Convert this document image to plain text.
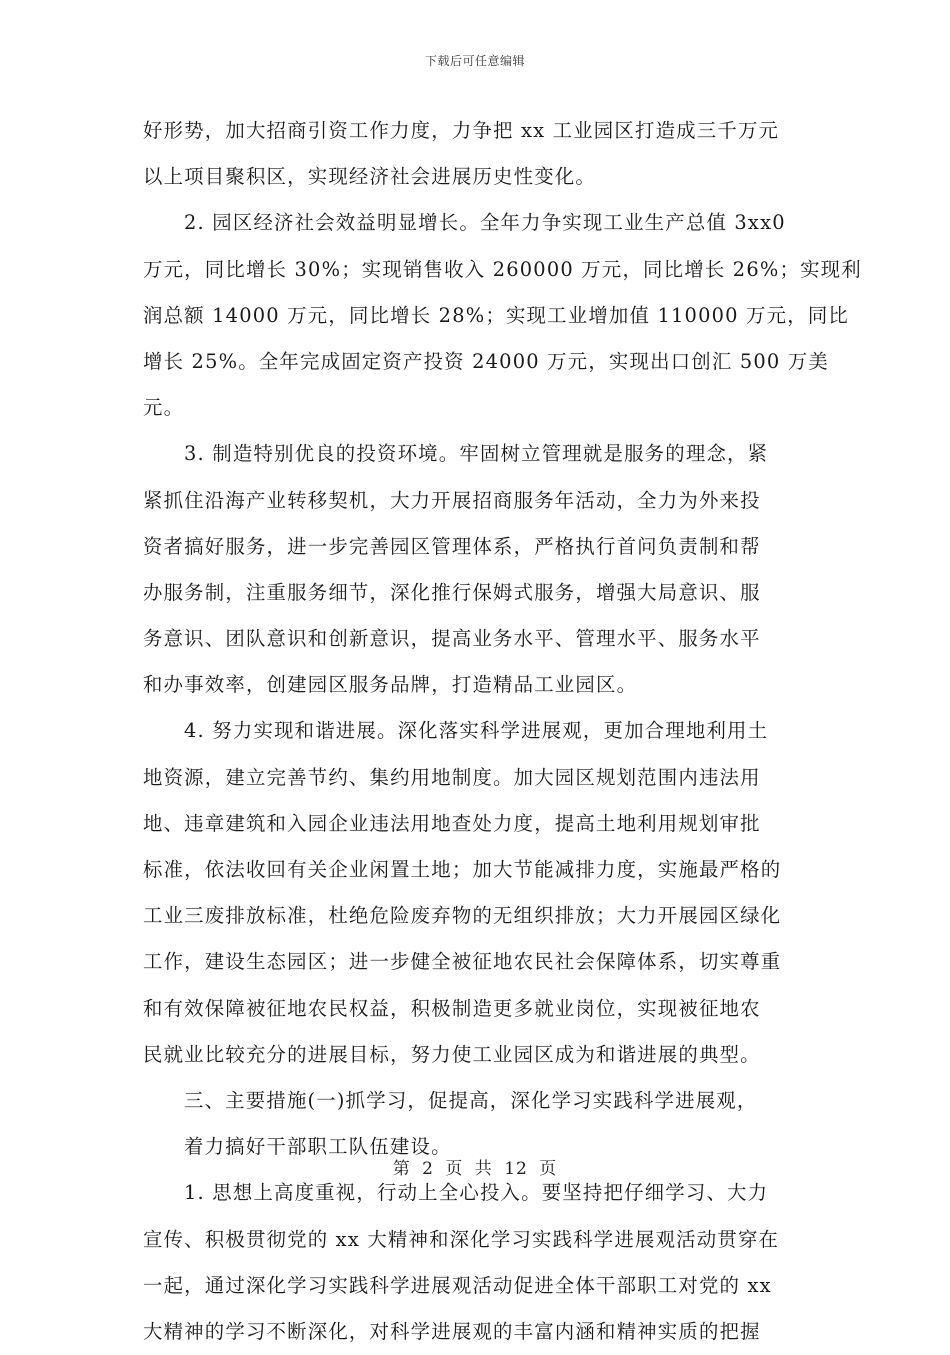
下载后可任意编辑
好形势，加大招商引资工作力度，力争把 xx 工业园区打造成三千万元
以上项目聚积区，实现经济社会进展历史性变化。
2. 园区经济社会效益明显增长。全年力争实现工业生产总值 3xx0
万元，同比增长 30%；实现销售收入 260000 万元，同比增长 26%；实现利
润总额 14000 万元，同比增长 28%；实现工业增加值 110000 万元，同比
增长 25%。全年完成固定资产投资 24000 万元，实现出口创汇 500 万美
元。
3. 制造特别优良的投资环境。牢固树立管理就是服务的理念，紧
紧抓住沿海产业转移契机，大力开展招商服务年活动，全力为外来投
资者搞好服务，进一步完善园区管理体系，严格执行首问负责制和帮
办服务制，注重服务细节，深化推行保姆式服务，增强大局意识、服
务意识、团队意识和创新意识，提高业务水平、管理水平、服务水平
和办事效率，创建园区服务品牌，打造精品工业园区。
4. 努力实现和谐进展。深化落实科学进展观，更加合理地利用土
地资源，建立完善节约、集约用地制度。加大园区规划范围内违法用
地、违章建筑和入园企业违法用地查处力度，提高土地利用规划审批
标准，依法收回有关企业闲置土地；加大节能减排力度，实施最严格的
工业三废排放标准，杜绝危险废弃物的无组织排放；大力开展园区绿化
工作，建设生态园区；进一步健全被征地农民社会保障体系，切实尊重
和有效保障被征地农民权益，积极制造更多就业岗位，实现被征地农
民就业比较充分的进展目标，努力使工业园区成为和谐进展的典型。
三、主要措施(一)抓学习，促提高，深化学习实践科学进展观，
着力搞好干部职工队伍建设。
1. 思想上高度重视，行动上全心投入。要坚持把仔细学习、大力
宣传、积极贯彻党的 xx 大精神和深化学习实践科学进展观活动贯穿在
一起，通过深化学习实践科学进展观活动促进全体干部职工对党的 xx
大精神的学习不断深化，对科学进展观的丰富内涵和精神实质的把握
第 2 页 共 12 页
